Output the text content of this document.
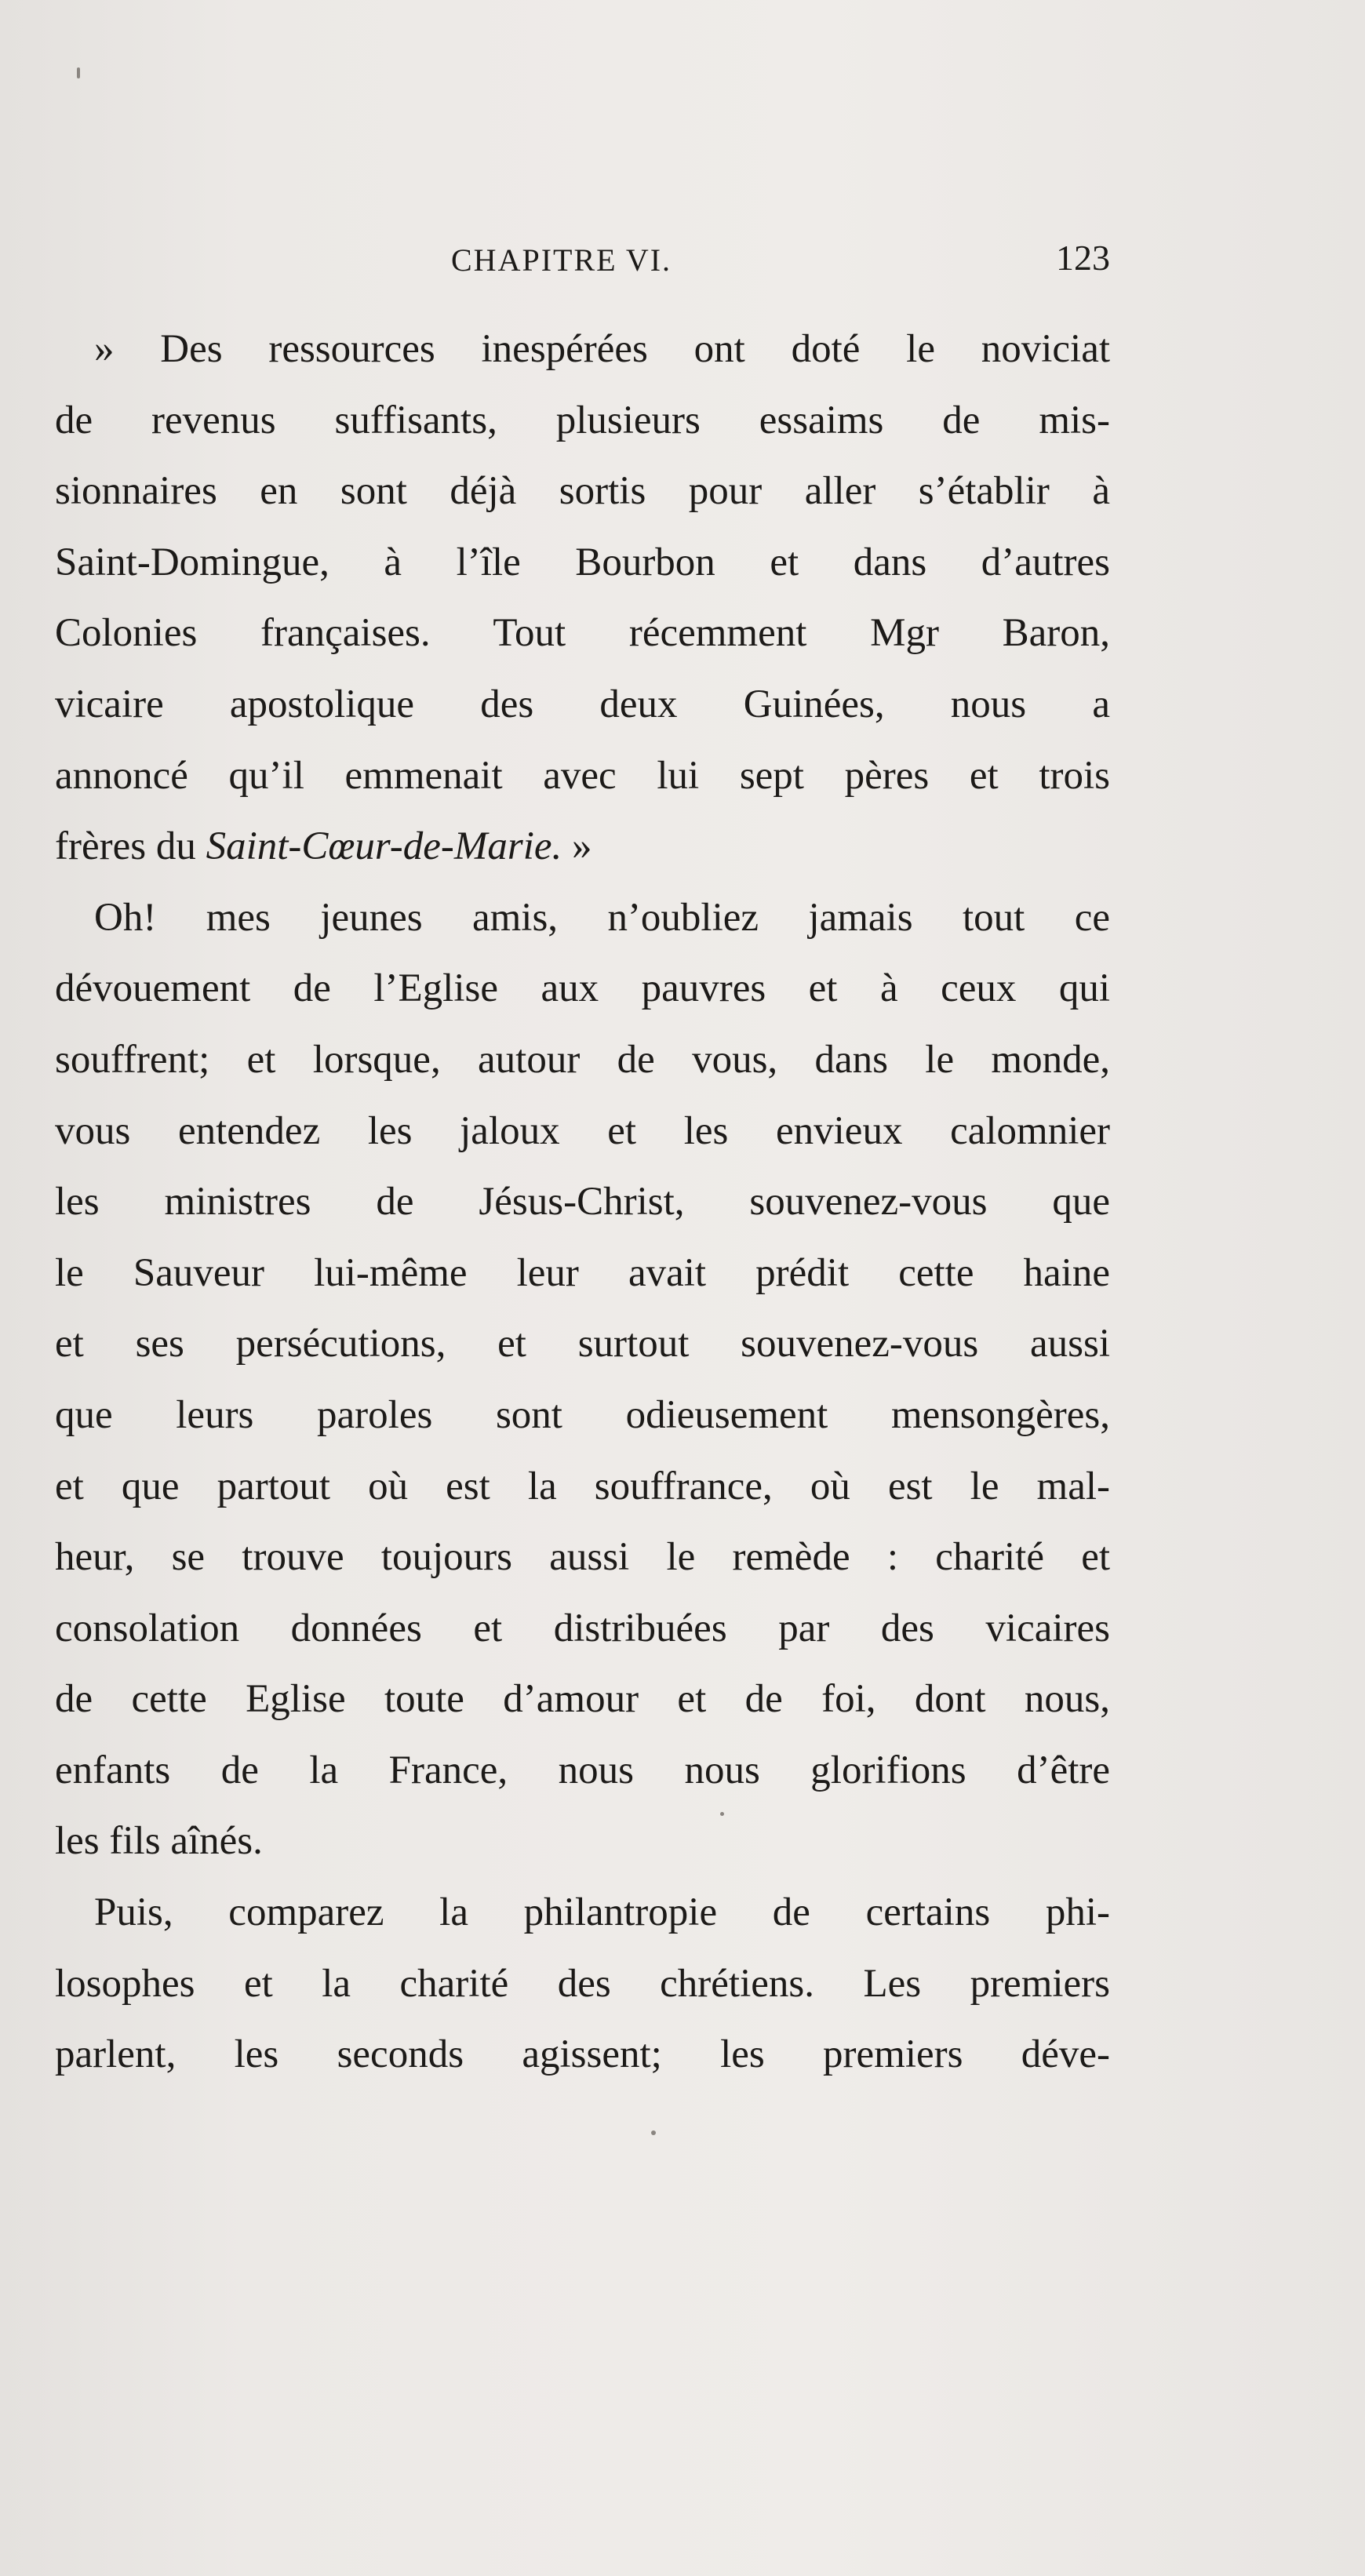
CHAPITRE VI.	123
» Des ressources inespérées ont doté le noviciat
de revenus suffisants, plusieurs essaims de mis-
sionnaires en sont déjà sortis pour aller s’établir à
Saint-Domingue, à l’île Bourbon et dans d’autres
Colonies françaises. Tout récemment Mgr Baron,
vicaire apostolique des deux Guinées, nous a
annoncé qu’il emmenait avec lui sept pères et trois
frères du Saint-Cœur-de-Marie. »
Oh! mes jeunes amis, n’oubliez jamais tout ce
dévouement de l’Eglise aux pauvres et à ceux qui
souffrent; et lorsque, autour de vous, dans le monde,
vous entendez les jaloux et les envieux calomnier
les ministres de Jésus-Christ, souvenez-vous que
le Sauveur lui-même leur avait prédit cette haine
et ses persécutions, et surtout souvenez-vous aussi
que leurs paroles sont odieusement mensongères,
et que partout où est la souffrance, où est le mal-
heur, se trouve toujours aussi le remède : charité et
consolation données et distribuées par des vicaires
de cette Eglise toute d’amour et de foi, dont nous,
enfants de la France, nous nous glorifions d’être
les fils aînés.
Puis, comparez la philantropie de certains phi-
losophes et la charité des chrétiens. Les premiers
parlent, les seconds agissent; les premiers déve-
